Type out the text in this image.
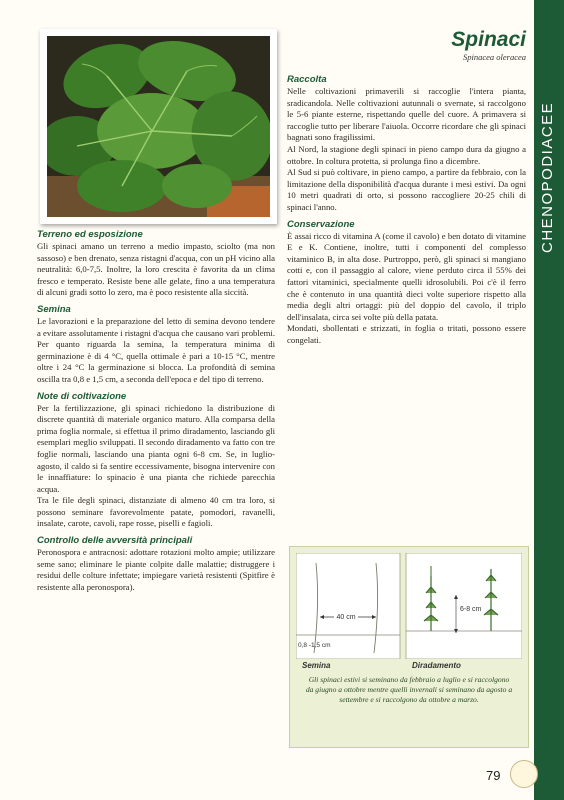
CHENOPODIACEE
Spinaci
Spinacea oleracea
Terreno ed esposizione

Gli spinaci amano un terreno a medio impasto, sciolto (ma non sassoso) e ben drenato, senza ristagni d'acqua, con un pH vicino alla neutralità: 6,0-7,5. Inoltre, la loro crescita è favorita da un clima fresco e temperato. Resiste bene alle gelate, fino a una temperatura di alcuni gradi sotto lo zero, ma è poco resistente alla siccità.

Semina

Le lavorazioni e la preparazione del letto di semina devono tendere a evitare assolutamente i ristagni d'acqua che causano vari problemi. Per quanto riguarda la semina, la temperatura minima di germinazione è di 4 °C, quella ottimale è pari a 10-15 °C, mentre oltre i 24 °C la germinazione si blocca. La profondità di semina oscilla tra 0,8 e 1,5 cm, a seconda dell'epoca e del tipo di terreno.

Note di coltivazione

Per la fertilizzazione, gli spinaci richiedono la distribuzione di discrete quantità di materiale organico maturo. Alla comparsa della prima foglia normale, si effettua il primo diradamento, lasciando gli esemplari meglio sviluppati. Il secondo diradamento va fatto con tre foglie normali, lasciando una pianta ogni 6-8 cm. Se, in luglio-agosto, il caldo si fa sentire eccessivamente, bisogna intervenire con le innaffiature: lo spinacio è una pianta che richiede parecchia acqua.

Tra le file degli spinaci, distanziate di almeno 40 cm tra loro, si possono seminare favorevolmente patate, pomodori, ravanelli, insalate, carote, cavoli, rape rosse, piselli e fagioli.

Controllo delle avversità principali

Peronospora e antracnosi: adottare rotazioni molto ampie; utilizzare seme sano; eliminare le piante colpite dalle malattie; distruggere i residui delle colture infettate; impiegare varietà resistenti (Spitfire è resistente alla peronospora).

Raccolta

Nelle coltivazioni primaverili si raccoglie l'intera pianta, sradicandola. Nelle coltivazioni autunnali o svernate, si raccolgono le 5-6 piante esterne, rispettando quelle del cuore. A primavera si raccoglie tutto per liberare l'aiuola. Occorre ricordare che gli spinaci bagnati sono fragilissimi.

Al Nord, la stagione degli spinaci in pieno campo dura da giugno a ottobre. In coltura protetta, si prolunga fino a dicembre.

Al Sud si può coltivare, in pieno campo, a partire da febbraio, con la limitazione della disponibilità d'acqua durante i mesi estivi. Da ogni 10 metri quadrati di orto, si possono raccogliere 20-25 chili di spinaci l'anno.

Conservazione

È assai ricco di vitamina A (come il cavolo) e ben dotato di vitamine E e K. Contiene, inoltre, tutti i componenti del complesso vitaminico B, in alta dose. Purtroppo, però, gli spinaci si mangiano cotti e, con il passaggio al calore, viene perduto circa il 55% dei fattori vitaminici, specialmente quelli idrosolubili. Poi c'è il ferro che è contenuto in una quantità dieci volte superiore rispetto alla media degli altri ortaggi: più del doppio del cavolo, il triplo dell'insalata, circa sei volte più della patata.

Mondati, sbollentati e strizzati, in foglia o tritati, possono essere congelati.

40 cm
0,8 -1,5 cm
6-8 cm
Semina	Diradamento
Gli spinaci estivi si seminano da febbraio a luglio e si raccolgono da giugno a ottobre mentre quelli invernali si seminano da agosto a settembre e si raccolgono da ottobre a marzo.
79
